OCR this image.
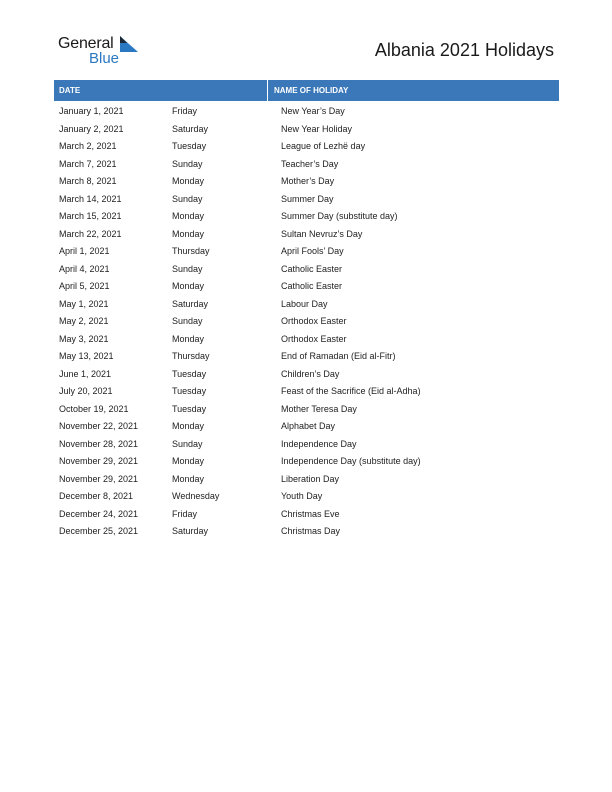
General
Blue	Albania 2021 Holidays
DATE	NAME OF HOLIDAY
January 1, 2021	Friday	New Year’s Day
January 2, 2021	Saturday	New Year Holiday
March 2, 2021	Tuesday	League of Lezhë day
March 7, 2021	Sunday	Teacher’s Day
March 8, 2021	Monday	Mother’s Day
March 14, 2021	Sunday	Summer Day
March 15, 2021	Monday	Summer Day (substitute day)
March 22, 2021	Monday	Sultan Nevruz’s Day
April 1, 2021	Thursday	April Fools’ Day
April 4, 2021	Sunday	Catholic Easter
April 5, 2021	Monday	Catholic Easter
May 1, 2021	Saturday	Labour Day
May 2, 2021	Sunday	Orthodox Easter
May 3, 2021	Monday	Orthodox Easter
May 13, 2021	Thursday	End of Ramadan (Eid al-Fitr)
June 1, 2021	Tuesday	Children’s Day
July 20, 2021	Tuesday	Feast of the Sacrifice (Eid al-Adha)
October 19, 2021	Tuesday	Mother Teresa Day
November 22, 2021	Monday	Alphabet Day
November 28, 2021	Sunday	Independence Day
November 29, 2021	Monday	Independence Day (substitute day)
November 29, 2021	Monday	Liberation Day
December 8, 2021	Wednesday	Youth Day
December 24, 2021	Friday	Christmas Eve
December 25, 2021	Saturday	Christmas Day
